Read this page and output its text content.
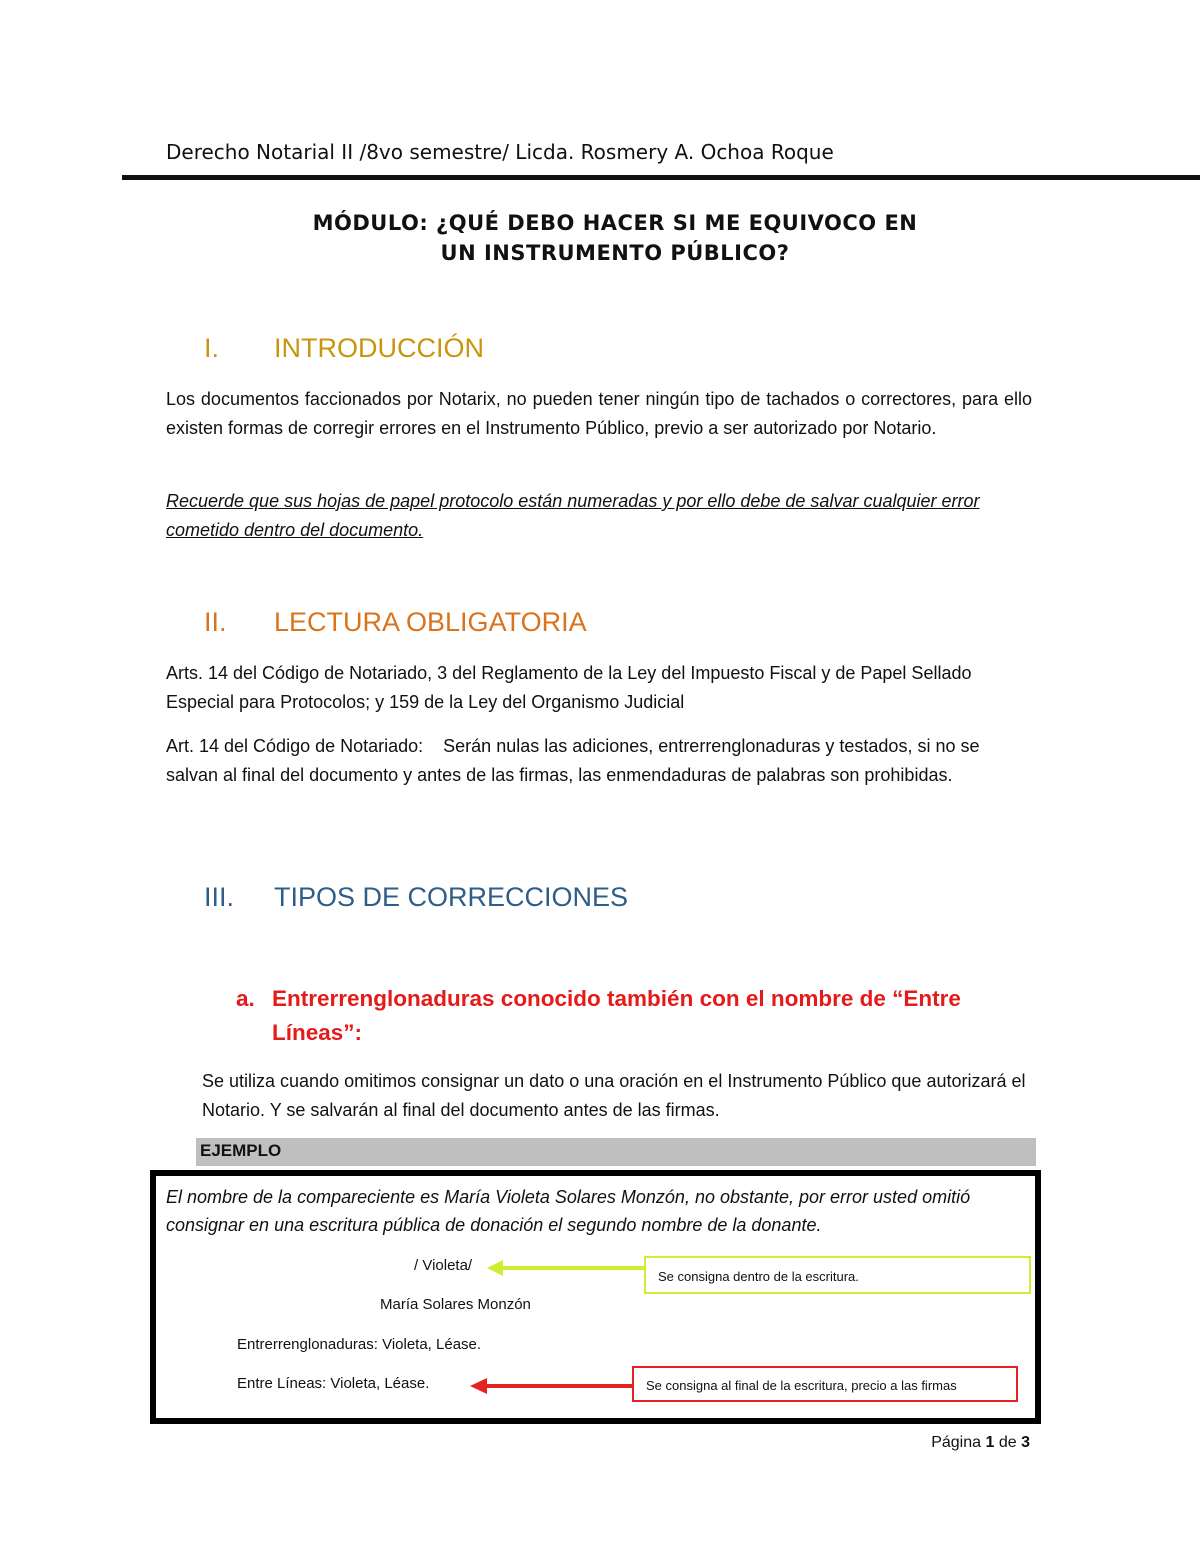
Derecho Notarial II /8vo semestre/ Licda. Rosmery A. Ochoa Roque
MÓDULO: ¿QUÉ DEBO HACER SI ME EQUIVOCO EN
UN INSTRUMENTO PÚBLICO?
I. INTRODUCCIÓN
Los documentos faccionados por Notarix, no pueden tener ningún tipo de tachados o correctores, para ello existen formas de corregir errores en el Instrumento Público, previo a ser autorizado por Notario.
Recuerde que sus hojas de papel protocolo están numeradas y por ello debe de salvar cualquier error cometido dentro del documento.
II. LECTURA OBLIGATORIA
Arts. 14 del Código de Notariado, 3 del Reglamento de la Ley del Impuesto Fiscal y de Papel Sellado Especial para Protocolos; y 159 de la Ley del Organismo Judicial
Art. 14 del Código de Notariado:    Serán nulas las adiciones, entrerrenglonaduras y testados, si no se salvan al final del documento y antes de las firmas, las enmendaduras de palabras son prohibidas.
III. TIPOS DE CORRECCIONES
a. Entrerrenglonaduras conocido también con el nombre de “Entre Líneas”:
Se utiliza cuando omitimos consignar un dato o una oración en el Instrumento Público que autorizará el Notario. Y se salvarán al final del documento antes de las firmas.
EJEMPLO
El nombre de la compareciente es María Violeta Solares Monzón, no obstante, por error usted omitió consignar en una escritura pública de donación el segundo nombre de la donante.
/ Violeta/
María Solares Monzón
Entrerrenglonaduras: Violeta, Léase.
Entre Líneas: Violeta, Léase.
Se consigna dentro de la escritura.
Se consigna al final de la escritura, precio a las firmas
Página 1 de 3
